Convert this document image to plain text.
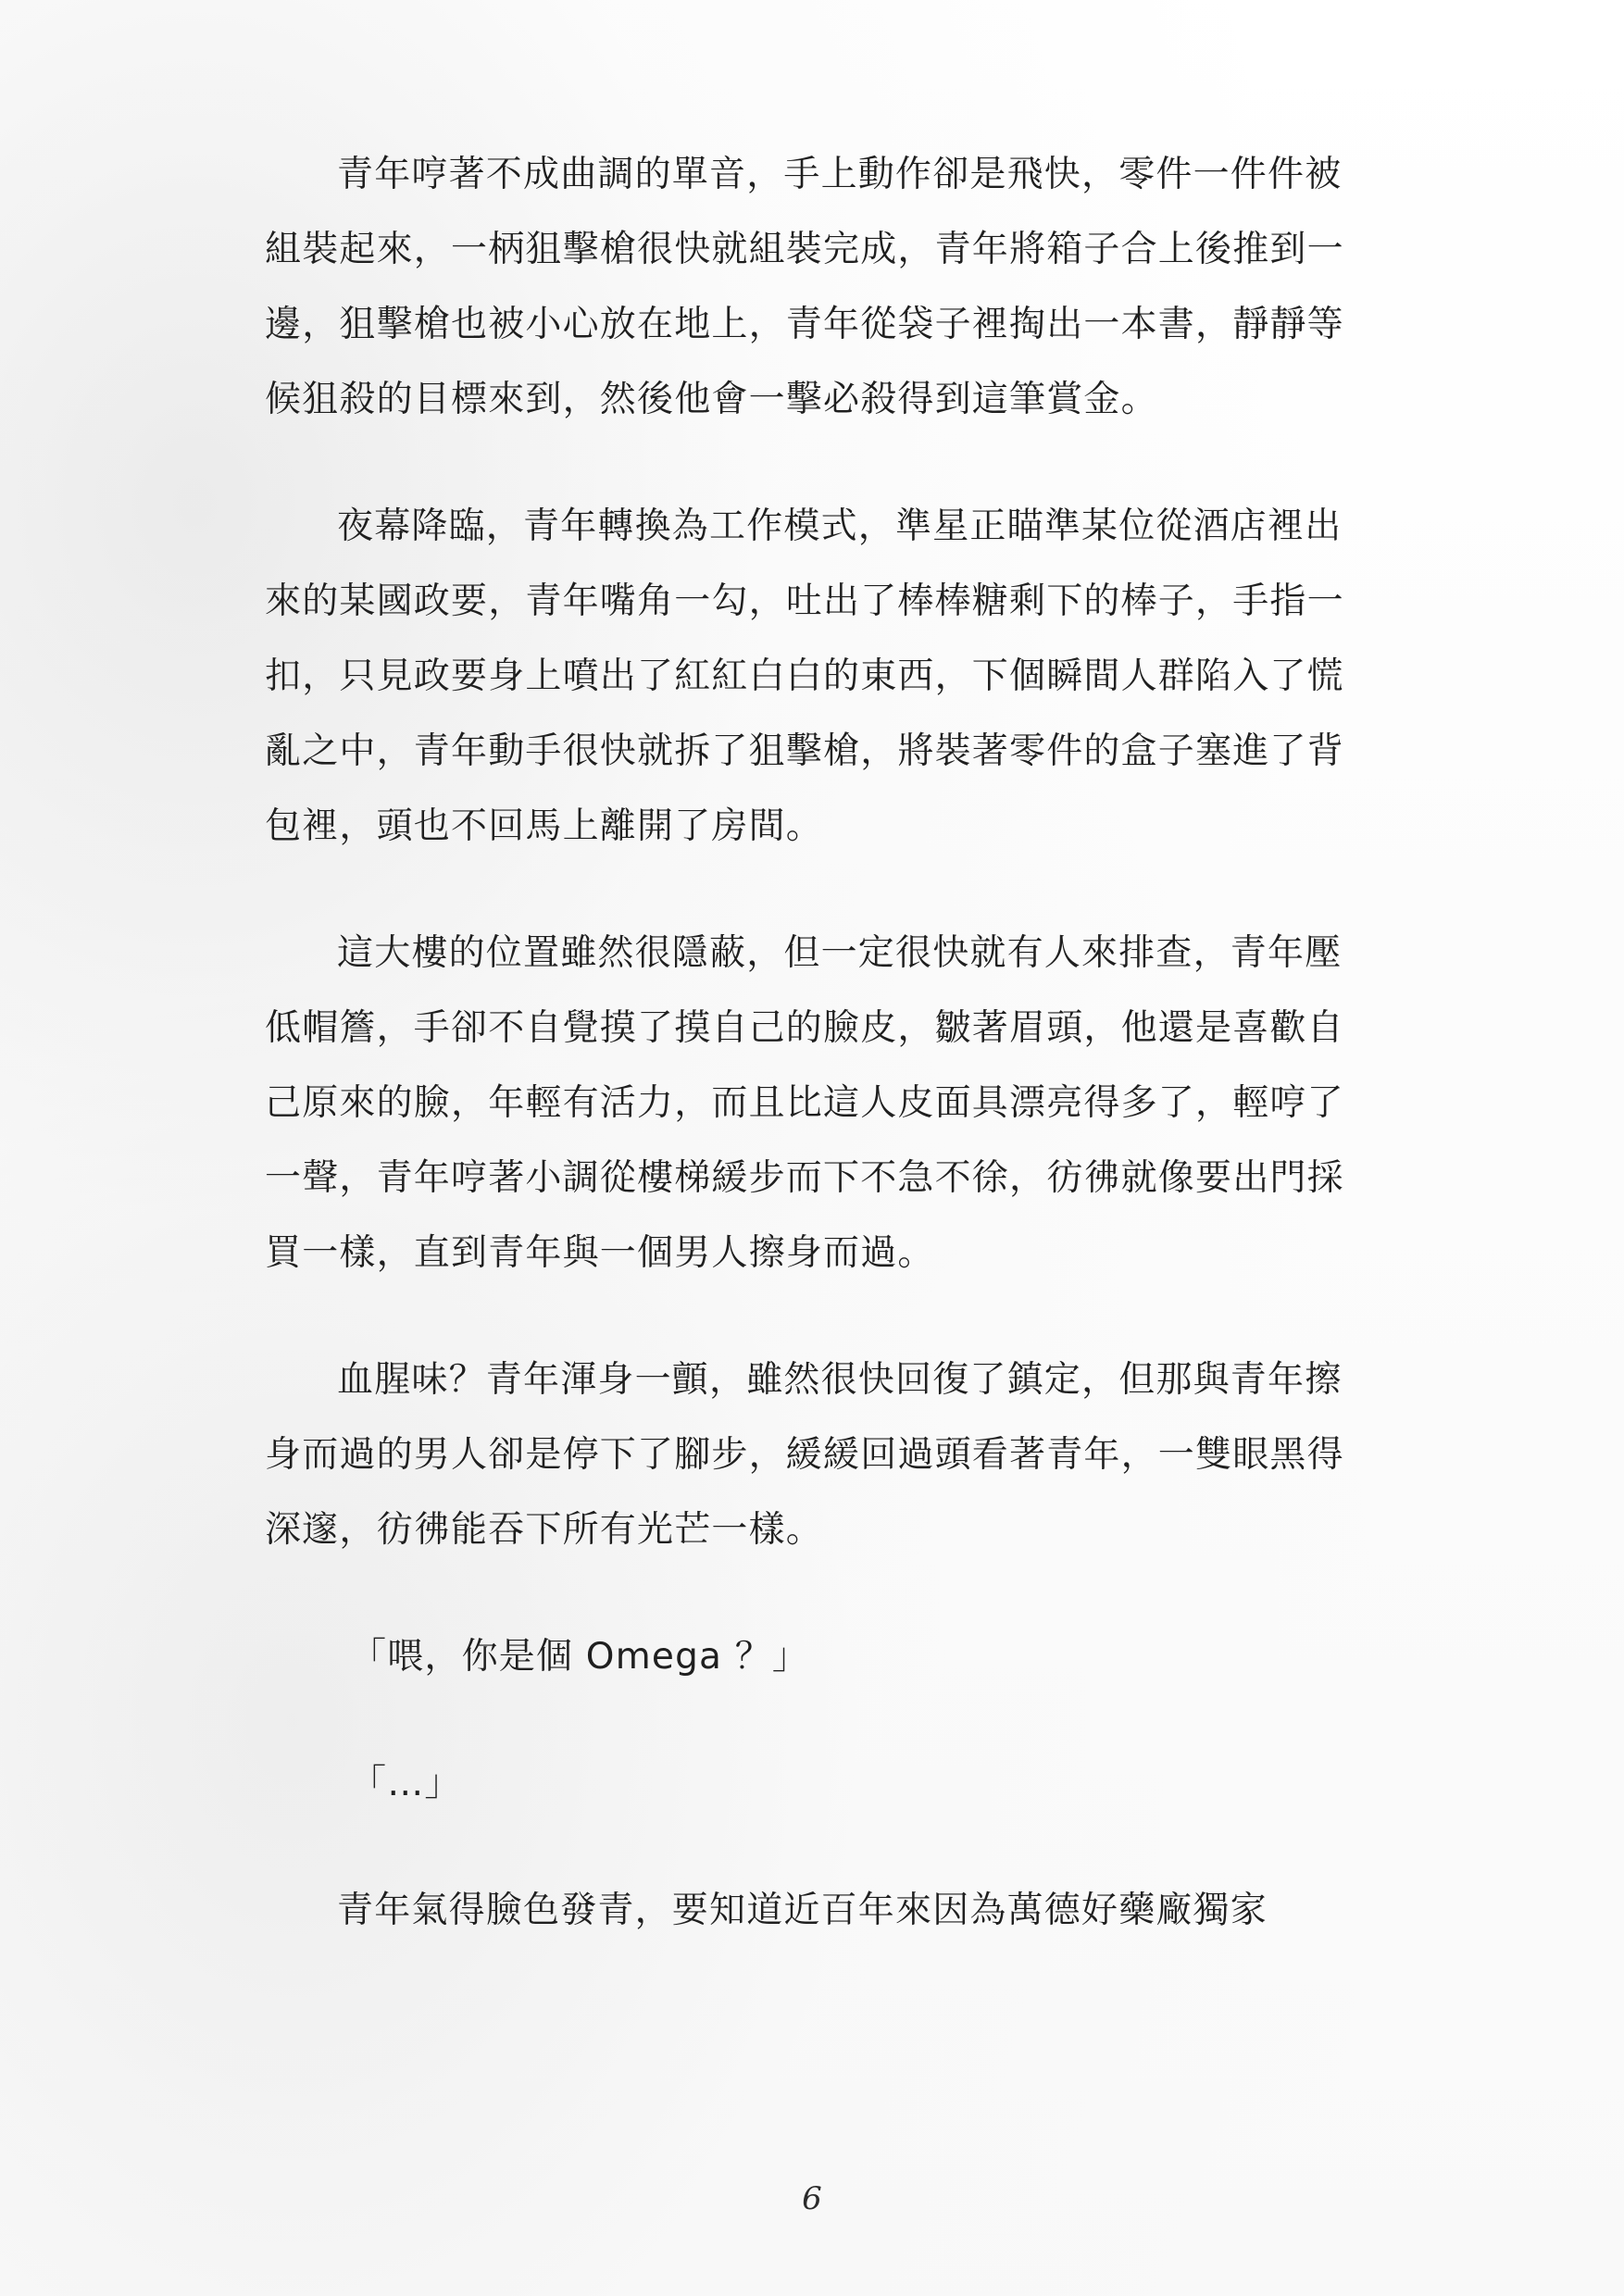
青年哼著不成曲調的單音，手上動作卻是飛快，零件一件件被組裝起來，一柄狙擊槍很快就組裝完成，青年將箱子合上後推到一邊，狙擊槍也被小心放在地上，青年從袋子裡掏出一本書，靜靜等候狙殺的目標來到，然後他會一擊必殺得到這筆賞金。

夜幕降臨，青年轉換為工作模式，準星正瞄準某位從酒店裡出來的某國政要，青年嘴角一勾，吐出了棒棒糖剩下的棒子，手指一扣，只見政要身上噴出了紅紅白白的東西，下個瞬間人群陷入了慌亂之中，青年動手很快就拆了狙擊槍，將裝著零件的盒子塞進了背包裡，頭也不回馬上離開了房間。

這大樓的位置雖然很隱蔽，但一定很快就有人來排查，青年壓低帽簷，手卻不自覺摸了摸自己的臉皮，皺著眉頭，他還是喜歡自己原來的臉，年輕有活力，而且比這人皮面具漂亮得多了，輕哼了一聲，青年哼著小調從樓梯緩步而下不急不徐，彷彿就像要出門採買一樣，直到青年與一個男人擦身而過。

血腥味？青年渾身一顫，雖然很快回復了鎮定，但那與青年擦身而過的男人卻是停下了腳步，緩緩回過頭看著青年，一雙眼黑得深邃，彷彿能吞下所有光芒一樣。

「喂，你是個 Omega ？」

「…」

青年氣得臉色發青，要知道近百年來因為萬德好藥廠獨家

6
